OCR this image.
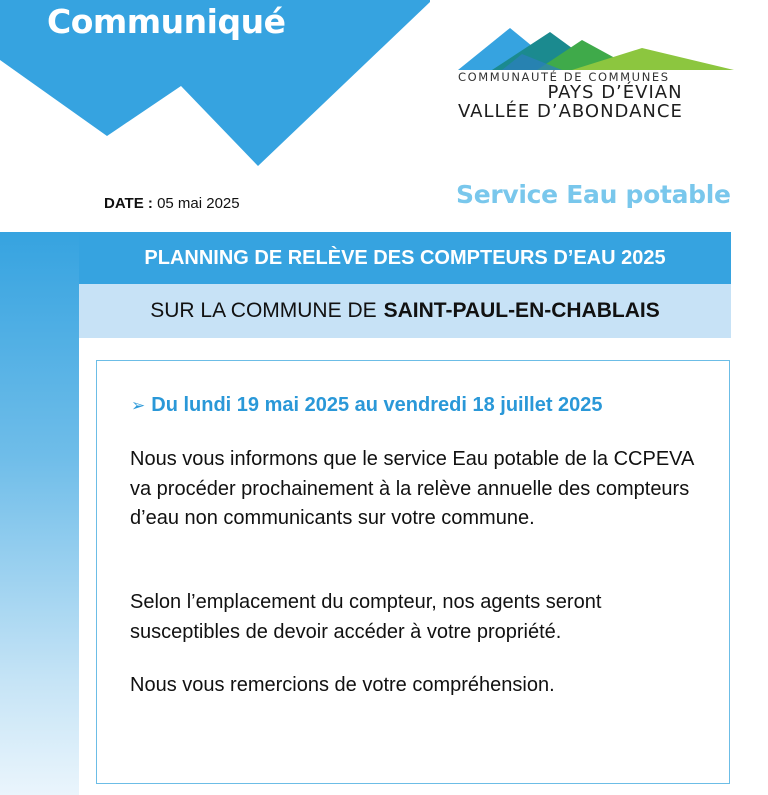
Communiqué
COMMUNAUTÉ DE COMMUNES
PAYS D’ÉVIAN
VALLÉE D’ABONDANCE
DATE : 05 mai 2025	Service Eau potable
PLANNING DE RELÈVE DES COMPTEURS D’EAU 2025
SUR LA COMMUNE DE SAINT-PAUL-EN-CHABLAIS
➢ Du lundi 19 mai 2025 au vendredi 18 juillet 2025

Nous vous informons que le service Eau potable de la CCPEVA va procéder prochainement à la relève annuelle des compteurs d’eau non communicants sur votre commune.

Selon l’emplacement du compteur, nos agents seront susceptibles de devoir accéder à votre propriété.

Nous vous remercions de votre compréhension.
